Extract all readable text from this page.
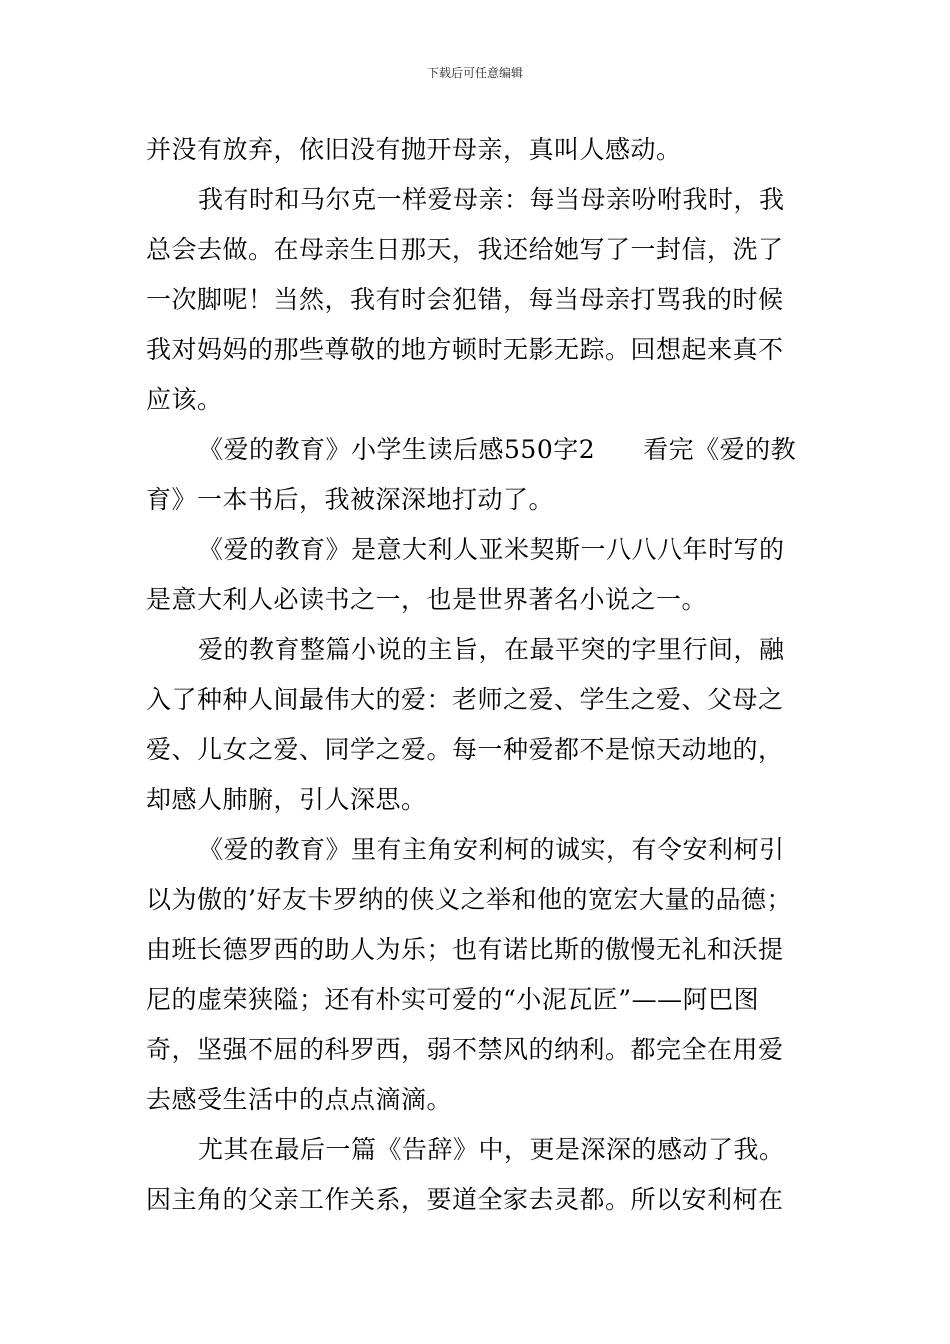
下载后可任意编辑
并没有放弃，依旧没有抛开母亲，真叫人感动。
我有时和马尔克一样爱母亲：每当母亲吩咐我时，我
总会去做。在母亲生日那天，我还给她写了一封信，洗了
一次脚呢！当然，我有时会犯错，每当母亲打骂我的时候
我对妈妈的那些尊敬的地方顿时无影无踪。回想起来真不
应该。
《爱的教育》小学生读后感550字2 看完《爱的教
育》一本书后，我被深深地打动了。
《爱的教育》是意大利人亚米契斯一八八八年时写的
是意大利人必读书之一，也是世界著名小说之一。
爱的教育整篇小说的主旨，在最平突的字里行间，融
入了种种人间最伟大的爱：老师之爱、学生之爱、父母之
爱、儿女之爱、同学之爱。每一种爱都不是惊天动地的，
却感人肺腑，引人深思。
《爱的教育》里有主角安利柯的诚实，有令安利柯引
以为傲的’好友卡罗纳的侠义之举和他的宽宏大量的品德；
由班长德罗西的助人为乐；也有诺比斯的傲慢无礼和沃提
尼的虚荣狭隘；还有朴实可爱的“小泥瓦匠”——阿巴图
奇，坚强不屈的科罗西，弱不禁风的纳利。都完全在用爱
去感受生活中的点点滴滴。
尤其在最后一篇《告辞》中，更是深深的感动了我。
因主角的父亲工作关系，要道全家去灵都。所以安利柯在
